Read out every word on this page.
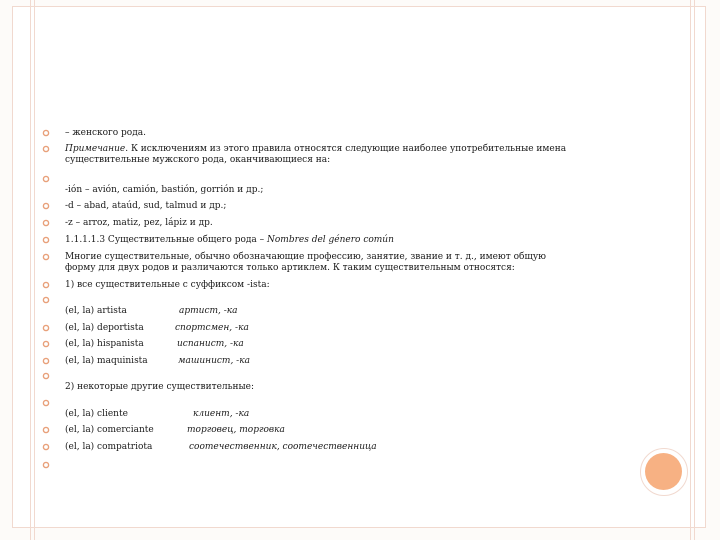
– женского рода.
Примечание. К исключениям из этого правила относятся следующие наиболее употребительные имена
существительные мужского рода, оканчивающиеся на:
-ión – avión, camión, bastión, gorrión и др.;
-d – abad, ataúd, sud, talmud и др.;
-z – arroz, matiz, pez, lápiz и др.
1.1.1.1.3 Существительные общего рода – Nombres del género común
Многие существительные, обычно обозначающие профессию, занятие, звание и т. д., имеют общую
форму для двух родов и различаются только артиклем. К таким существительным относятся:
1) все существительные с суффиксом -ista:
(el, la) artista	артист, -ка
(el, la) deportista	спортсмен, -ка
(el, la) hispanista	испанист, -ка
(el, la) maquinista	машинист, -ка
2) некоторые другие существительные:
(el, la) cliente	клиент, -ка
(el, la) comerciante	торговец, торговка
(el, la) compatriota	соотечественник, соотечественница
